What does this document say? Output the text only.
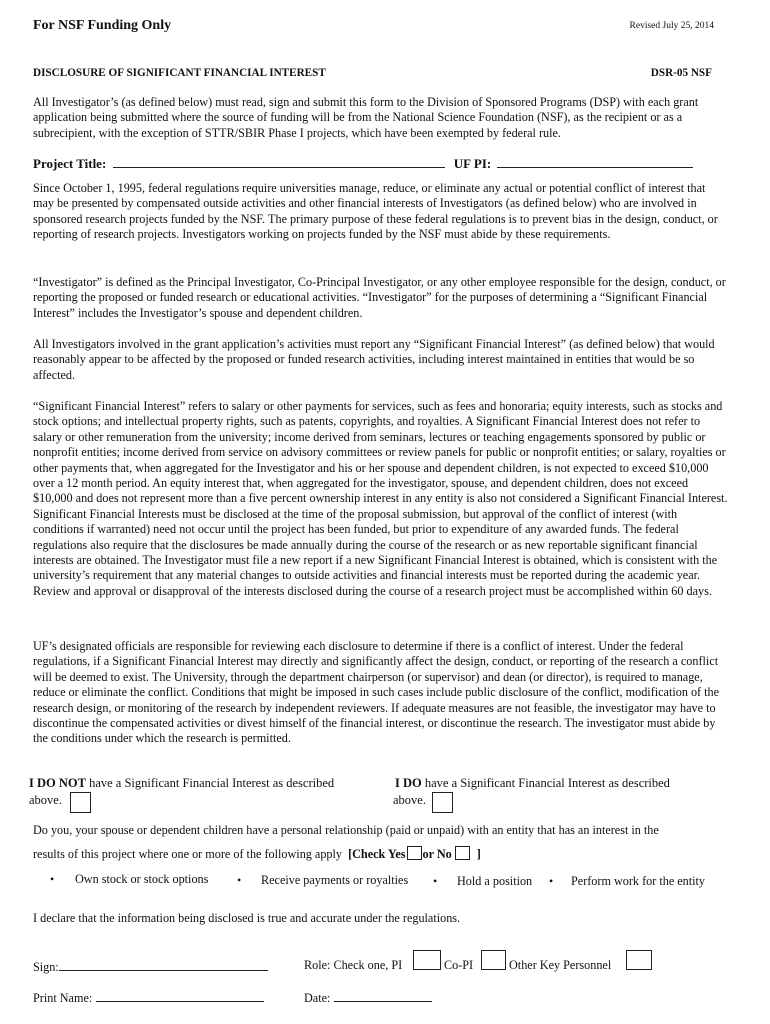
For NSF Funding Only	Revised July 25, 2014
DISCLOSURE OF SIGNIFICANT FINANCIAL INTEREST	DSR-05 NSF
All Investigator’s (as defined below) must read, sign and submit this form to the Division of Sponsored Programs (DSP) with each grant application being submitted where the source of funding will be from the National Science Foundation (NSF), as the recipient or as a subrecipient, with the exception of STTR/SBIR Phase I projects, which have been exempted by federal rule.
Project Title:	UF PI:
Since October 1, 1995, federal regulations require universities manage, reduce, or eliminate any actual or potential conflict of interest that may be presented by compensated outside activities and other financial interests of Investigators (as defined below) who are involved in sponsored research projects funded by the NSF. The primary purpose of these federal regulations is to prevent bias in the design, conduct, or reporting of research projects. Investigators working on projects funded by the NSF must abide by these requirements.
“Investigator” is defined as the Principal Investigator, Co-Principal Investigator, or any other employee responsible for the design, conduct, or reporting the proposed or funded research or educational activities. “Investigator” for the purposes of determining a “Significant Financial Interest” includes the Investigator’s spouse and dependent children.
All Investigators involved in the grant application’s activities must report any “Significant Financial Interest” (as defined below) that would reasonably appear to be affected by the proposed or funded research activities, including interest maintained in entities that would be so affected.
“Significant Financial Interest” refers to salary or other payments for services, such as fees and honoraria; equity interests, such as stocks and stock options; and intellectual property rights, such as patents, copyrights, and royalties. A Significant Financial Interest does not refer to salary or other remuneration from the university; income derived from seminars, lectures or teaching engagements sponsored by public or nonprofit entities; income derived from service on advisory committees or review panels for public or nonprofit entities; or salary, royalties or other payments that, when aggregated for the Investigator and his or her spouse and dependent children, is not expected to exceed $10,000 over a 12 month period. An equity interest that, when aggregated for the investigator, spouse, and dependent children, does not exceed $10,000 and does not represent more than a five percent ownership interest in any entity is also not considered a Significant Financial Interest. Significant Financial Interests must be disclosed at the time of the proposal submission, but approval of the conflict of interest (with conditions if warranted) need not occur until the project has been funded, but prior to expenditure of any awarded funds. The federal regulations also require that the disclosures be made annually during the course of the research or as new reportable significant financial interests are obtained. The Investigator must file a new report if a new Significant Financial Interest is obtained, which is consistent with the university’s requirement that any material changes to outside activities and financial interests must be reported during the academic year. Review and approval or disapproval of the interests disclosed during the course of a research project must be accomplished within 60 days.
UF’s designated officials are responsible for reviewing each disclosure to determine if there is a conflict of interest. Under the federal regulations, if a Significant Financial Interest may directly and significantly affect the design, conduct, or reporting of the research a conflict will be deemed to exist. The University, through the department chairperson (or supervisor) and dean (or director), is required to manage, reduce or eliminate the conflict. Conditions that might be imposed in such cases include public disclosure of the conflict, modification of the research design, or monitoring of the research by independent reviewers. If adequate measures are not feasible, the investigator may have to discontinue the compensated activities or divest himself of the financial interest, or discontinue the research. The investigator must abide by the conditions under which the research is permitted.
I DO NOT have a Significant Financial Interest as described
above.
I DO have a Significant Financial Interest as described
above.
Do you, your spouse or dependent children have a personal relationship (paid or unpaid) with an entity that has an interest in the
results of this project where one or more of the following apply [Check Yes or No ]
• Own stock or stock options • Receive payments or royalties • Hold a position • Perform work for the entity
I declare that the information being disclosed is true and accurate under the regulations.
Sign:	Role: Check one, PI	Co-PI	Other Key Personnel
Print Name:	Date:
